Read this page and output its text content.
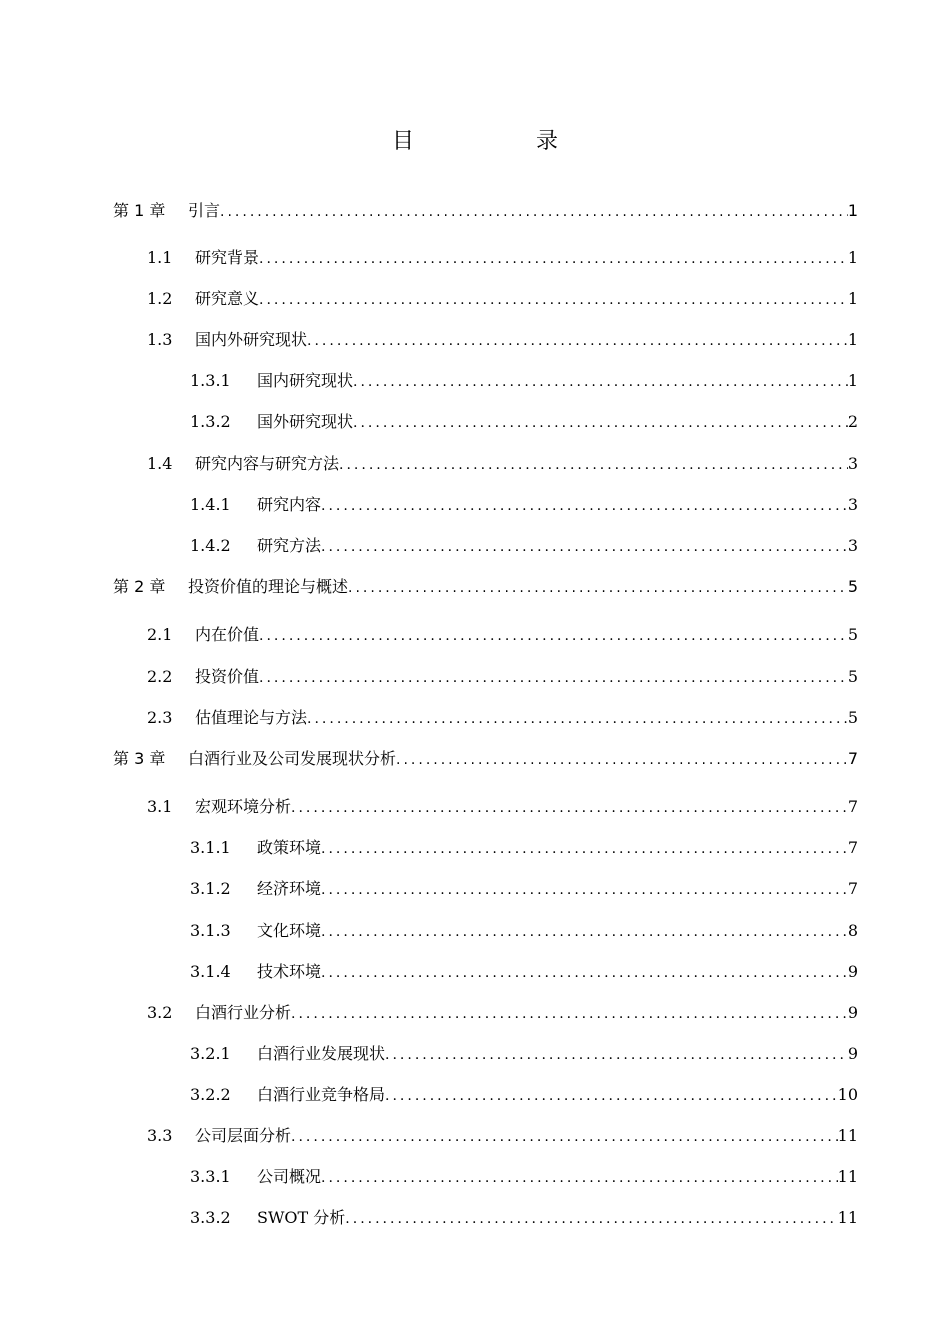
目　录
第 1 章	引言 .....	1
1.1	研究背景 .....	1
1.2	研究意义 .....	1
1.3	国内外研究现状 .....	1
1.3.1	国内研究现状 .....	1
1.3.2	国外研究现状 .....	2
1.4	研究内容与研究方法 .....	3
1.4.1	研究内容 .....	3
1.4.2	研究方法 .....	3
第 2 章	投资价值的理论与概述 .....	5
2.1	内在价值 .....	5
2.2	投资价值 .....	5
2.3	估值理论与方法 .....	5
第 3 章	白酒行业及公司发展现状分析 .....	7
3.1	宏观环境分析 .....	7
3.1.1	政策环境 .....	7
3.1.2	经济环境 .....	7
3.1.3	文化环境 .....	8
3.1.4	技术环境 .....	9
3.2	白酒行业分析 .....	9
3.2.1	白酒行业发展现状 .....	9
3.2.2	白酒行业竞争格局 .....	10
3.3	公司层面分析 .....	11
3.3.1	公司概况 .....	11
3.3.2	SWOT 分析 .....	11
